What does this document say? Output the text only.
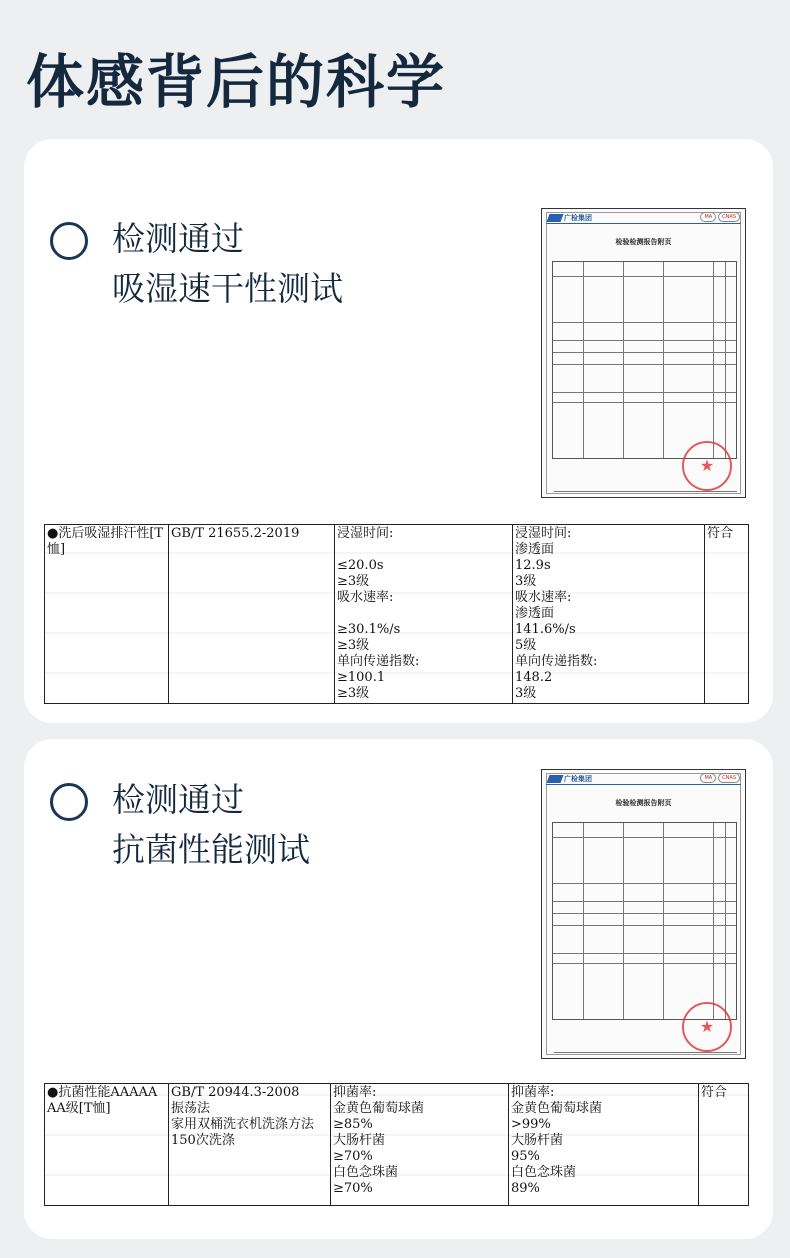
体感背后的科学
检测通过
吸湿速干性测试
广检集团	MA CNAS
检验检测报告附页
★
●洗后吸湿排汗性[T恤]	GB/T 21655.2-2019	浸湿时间:

≤20.0s
≥3级
吸水速率:

≥30.1%/s
≥3级
单向传递指数:
≥100.1
≥3级	浸湿时间:
渗透面
12.9s
3级
吸水速率:
渗透面
141.6%/s
5级
单向传递指数:
148.2
3级	符合
检测通过
抗菌性能测试
广检集团	MA CNAS
检验检测报告附页
★
●抗菌性能AAAAAAA级[T恤]	GB/T 20944.3-2008
振荡法
家用双桶洗衣机洗涤方法
150次洗涤	抑菌率:
金黄色葡萄球菌
≥85%
大肠杆菌
≥70%
白色念珠菌
≥70%	抑菌率:
金黄色葡萄球菌
>99%
大肠杆菌
95%
白色念珠菌
89%	符合
